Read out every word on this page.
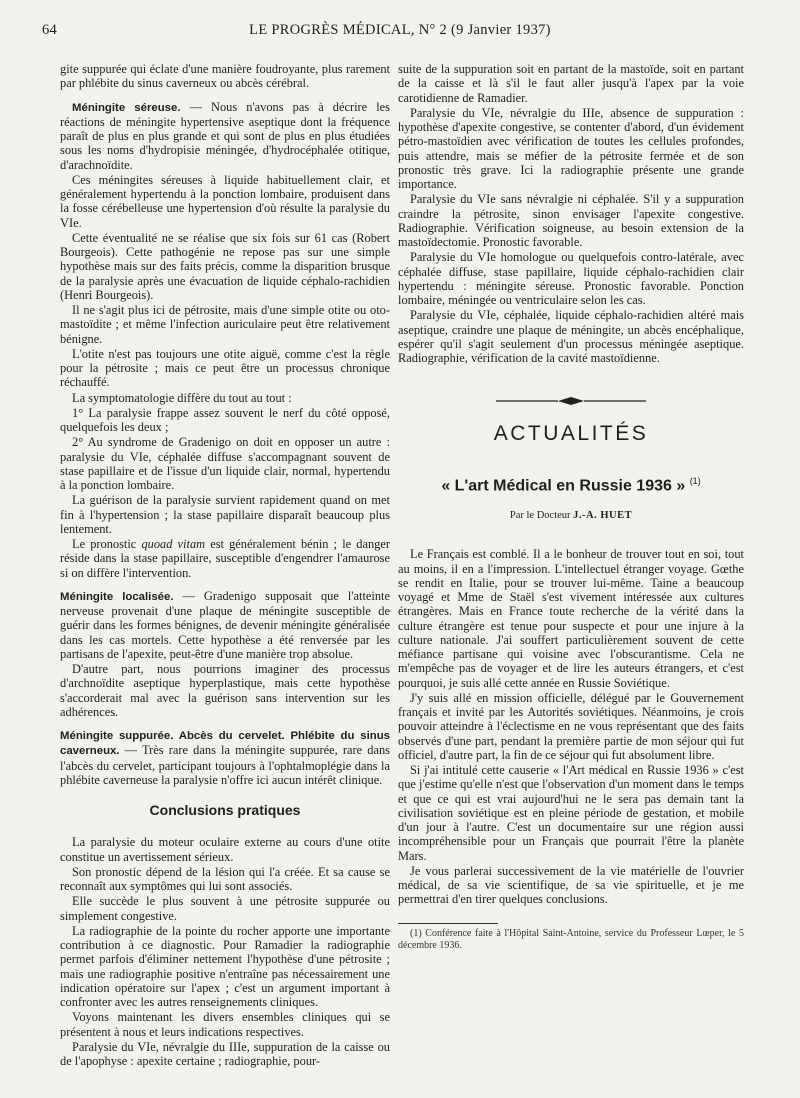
64	LE PROGRÈS MÉDICAL, N° 2 (9 Janvier 1937)

gite suppurée qui éclate d'une manière foudroyante, plus rarement par phlébite du sinus caverneux ou abcès cérébral.

Méningite séreuse. — Nous n'avons pas à décrire les réactions de méningite hypertensive aseptique dont la fréquence paraît de plus en plus grande et qui sont de plus en plus étudiées sous les noms d'hydropisie méningée, d'hydrocéphalée otitique, d'arachnoïdite.

Ces méningites séreuses à liquide habituellement clair, et généralement hypertendu à la ponction lombaire, produisent dans la fosse cérébelleuse une hypertension d'où résulte la paralysie du VIe.

Cette éventualité ne se réalise que six fois sur 61 cas (Robert Bourgeois). Cette pathogénie ne repose pas sur une simple hypothèse mais sur des faits précis, comme la disparition brusque de la paralysie après une évacuation de liquide céphalo-rachidien (Henri Bourgeois).

Il ne s'agit plus ici de pétrosite, mais d'une simple otite ou oto-mastoïdite ; et même l'infection auriculaire peut être relativement bénigne.

L'otite n'est pas toujours une otite aiguë, comme c'est la règle pour la pétrosite ; mais ce peut être un processus chronique réchauffé.

La symptomatologie diffère du tout au tout :

1° La paralysie frappe assez souvent le nerf du côté opposé, quelquefois les deux ;

2° Au syndrome de Gradenigo on doit en opposer un autre : paralysie du VIe, céphalée diffuse s'accompagnant souvent de stase papillaire et de l'issue d'un liquide clair, normal, hypertendu à la ponction lombaire.

La guérison de la paralysie survient rapidement quand on met fin à l'hypertension ; la stase papillaire disparaît beaucoup plus lentement.

Le pronostic quoad vitam est généralement bénin ; le danger réside dans la stase papillaire, susceptible d'engendrer l'amaurose si on diffère l'intervention.

Méningite localisée. — Gradenigo supposait que l'atteinte nerveuse provenait d'une plaque de méningite susceptible de guérir dans les formes bénignes, de devenir méningite généralisée dans les cas mortels. Cette hypothèse a été renversée par les partisans de l'apexite, peut-être d'une manière trop absolue.

D'autre part, nous pourrions imaginer des processus d'archnoïdite aseptique hyperplastique, mais cette hypothèse s'accorderait mal avec la guérison sans intervention sur les adhérences.

Méningite suppurée. Abcès du cervelet. Phlébite du sinus caverneux. — Très rare dans la méningite suppurée, rare dans l'abcès du cervelet, participant toujours à l'ophtalmoplégie dans la phlébite caverneuse la paralysie n'offre ici aucun intérêt clinique.

Conclusions pratiques

La paralysie du moteur oculaire externe au cours d'une otite constitue un avertissement sérieux.

Son pronostic dépend de la lésion qui l'a créée. Et sa cause se reconnaît aux symptômes qui lui sont associés.

Elle succède le plus souvent à une pétrosite suppurée ou simplement congestive.

La radiographie de la pointe du rocher apporte une importante contribution à ce diagnostic. Pour Ramadier la radiographie permet parfois d'éliminer nettement l'hypothèse d'une pétrosite ; mais une radiographie positive n'entraîne pas nécessairement une indication opératoire sur l'apex ; c'est un argument important à confronter avec les autres renseignements cliniques.

Voyons maintenant les divers ensembles cliniques qui se présentent à nous et leurs indications respectives.

Paralysie du VIe, névralgie du IIIe, suppuration de la caisse ou de l'apophyse : apexite certaine ; radiographie, pour-

suite de la suppuration soit en partant de la mastoïde, soit en partant de la caisse et là s'il le faut aller jusqu'à l'apex par la voie carotidienne de Ramadier.

Paralysie du VIe, névralgie du IIIe, absence de suppuration : hypothèse d'apexite congestive, se contenter d'abord, d'un évidement pétro-mastoïdien avec vérification de toutes les cellules profondes, puis attendre, mais se méfier de la pétrosite fermée et de son pronostic très grave. Ici la radiographie présente une grande importance.

Paralysie du VIe sans névralgie ni céphalée. S'il y a suppuration craindre la pétrosite, sinon envisager l'apexite congestive. Radiographie. Vérification soigneuse, au besoin extension de la mastoïdectomie. Pronostic favorable.

Paralysie du VIe homologue ou quelquefois contro-latérale, avec céphalée diffuse, stase papillaire, liquide céphalo-rachidien clair hypertendu : méningite séreuse. Pronostic favorable. Ponction lombaire, méningée ou ventriculaire selon les cas.

Paralysie du VIe, céphalée, liquide céphalo-rachidien altéré mais aseptique, craindre une plaque de méningite, un abcès encéphalique, espérer qu'il s'agit seulement d'un processus méningée aseptique. Radiographie, vérification de la cavité mastoïdienne.

ACTUALITÉS
« L'art Médical en Russie 1936 » $^{(1)}$
Par le Docteur J.-A. HUET

Le Français est comblé. Il a le bonheur de trouver tout en soi, tout au moins, il en a l'impression. L'intellectuel étranger voyage. Gœthe se rendit en Italie, pour se trouver lui-même. Taine a beaucoup voyagé et Mme de Staël s'est vivement intéressée aux cultures étrangères. Mais en France toute recherche de la vérité dans la culture étrangère est tenue pour suspecte et pour une injure à la culture nationale. J'ai souffert particulièrement souvent de cette méfiance partisane qui voisine avec l'obscurantisme. Cela ne m'empêche pas de voyager et de lire les auteurs étrangers, et c'est pourquoi, je suis allé cette année en Russie Soviétique.

J'y suis allé en mission officielle, délégué par le Gouvernement français et invité par les Autorités soviétiques. Néanmoins, je crois pouvoir atteindre à l'éclectisme en ne vous représentant que des faits observés d'une part, pendant la première partie de mon séjour qui fut officiel, d'autre part, la fin de ce séjour qui fut absolument libre.

Si j'ai intitulé cette causerie « l'Art médical en Russie 1936 » c'est que j'estime qu'elle n'est que l'observation d'un moment dans le temps et que ce qui est vrai aujourd'hui ne le sera pas demain tant la civilisation soviétique est en pleine période de gestation, et mobile d'un jour à l'autre. C'est un documentaire sur une région aussi incompréhensible pour un Français que pourrait l'être la planète Mars.

Je vous parlerai successivement de la vie matérielle de l'ouvrier médical, de sa vie scientifique, de sa vie spirituelle, et je me permettrai d'en tirer quelques conclusions.

(1) Conférence faite à l'Hôpital Saint-Antoine, service du Professeur Lœper, le 5 décembre 1936.
